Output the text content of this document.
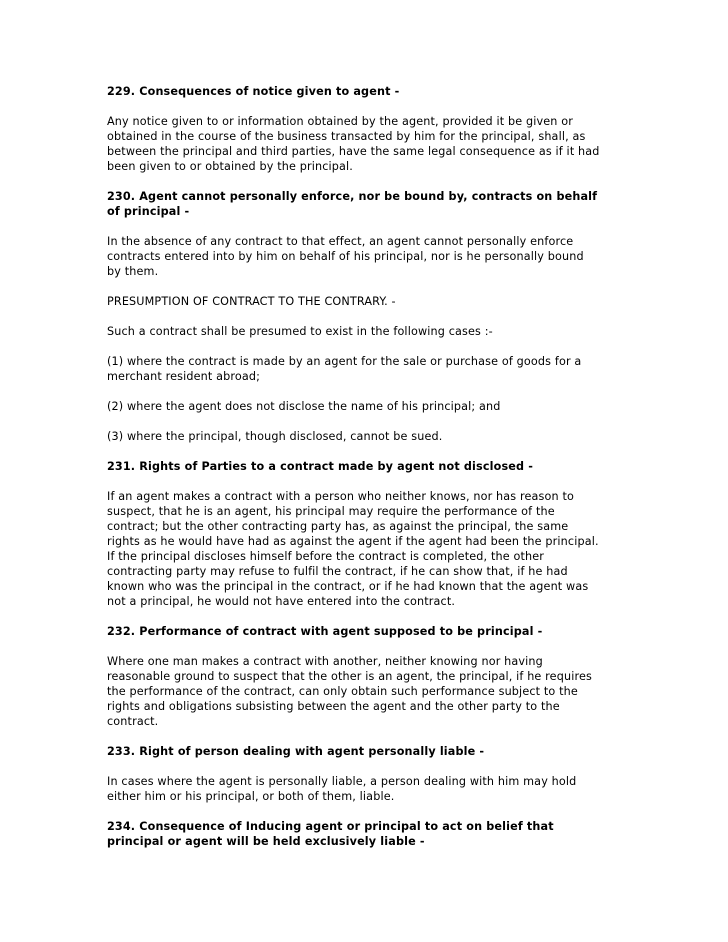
229. Consequences of notice given to agent -
Any notice given to or information obtained by the agent, provided it be given or
obtained in the course of the business transacted by him for the principal, shall, as
between the principal and third parties, have the same legal consequence as if it had
been given to or obtained by the principal.
230. Agent cannot personally enforce, nor be bound by, contracts on behalf
of principal -
In the absence of any contract to that effect, an agent cannot personally enforce
contracts entered into by him on behalf of his principal, nor is he personally bound
by them.
PRESUMPTION OF CONTRACT TO THE CONTRARY. -
Such a contract shall be presumed to exist in the following cases :-
(1) where the contract is made by an agent for the sale or purchase of goods for a
merchant resident abroad;
(2) where the agent does not disclose the name of his principal; and
(3) where the principal, though disclosed, cannot be sued.
231. Rights of Parties to a contract made by agent not disclosed -
If an agent makes a contract with a person who neither knows, nor has reason to
suspect, that he is an agent, his principal may require the performance of the
contract; but the other contracting party has, as against the principal, the same
rights as he would have had as against the agent if the agent had been the principal.
If the principal discloses himself before the contract is completed, the other
contracting party may refuse to fulfil the contract, if he can show that, if he had
known who was the principal in the contract, or if he had known that the agent was
not a principal, he would not have entered into the contract.
232. Performance of contract with agent supposed to be principal -
Where one man makes a contract with another, neither knowing nor having
reasonable ground to suspect that the other is an agent, the principal, if he requires
the performance of the contract, can only obtain such performance subject to the
rights and obligations subsisting between the agent and the other party to the
contract.
233. Right of person dealing with agent personally liable -
In cases where the agent is personally liable, a person dealing with him may hold
either him or his principal, or both of them, liable.
234. Consequence of Inducing agent or principal to act on belief that
principal or agent will be held exclusively liable -
